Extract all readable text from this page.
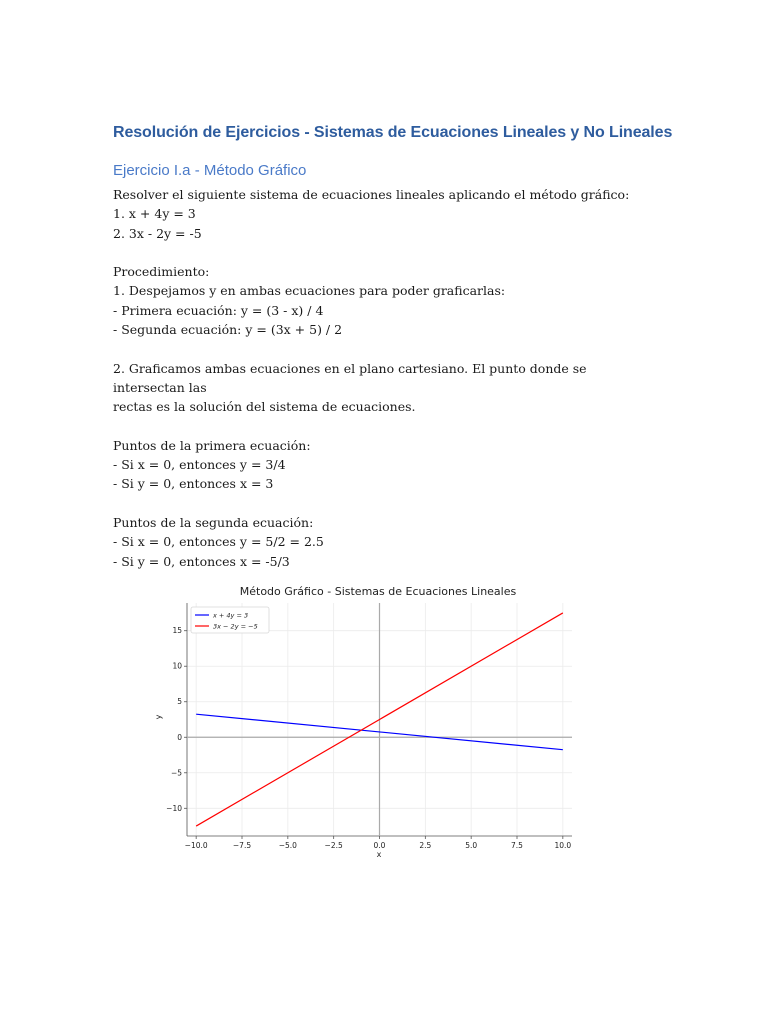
Resolución de Ejercicios - Sistemas de Ecuaciones Lineales y No Lineales
Ejercicio I.a - Método Gráfico

Resolver el siguiente sistema de ecuaciones lineales aplicando el método gráfico:

1. x + 4y = 3

2. 3x - 2y = -5

Procedimiento:

1. Despejamos y en ambas ecuaciones para poder graficarlas:

- Primera ecuación: y = (3 - x) / 4

- Segunda ecuación: y = (3x + 5) / 2

2. Graficamos ambas ecuaciones en el plano cartesiano. El punto donde se intersectan las

rectas es la solución del sistema de ecuaciones.

Puntos de la primera ecuación:

- Si x = 0, entonces y = 3/4

- Si y = 0, entonces x = 3

Puntos de la segunda ecuación:

- Si x = 0, entonces y = 5/2 = 2.5

- Si y = 0, entonces x = -5/3

Método Gráfico - Sistemas de Ecuaciones Lineales
x
y
−10.0	−7.5	−5.0	−2.5	0.0	2.5	5.0	7.5	10.0
−10
−5
0
5
10
15
x + 4y = 3
3x − 2y = −5
